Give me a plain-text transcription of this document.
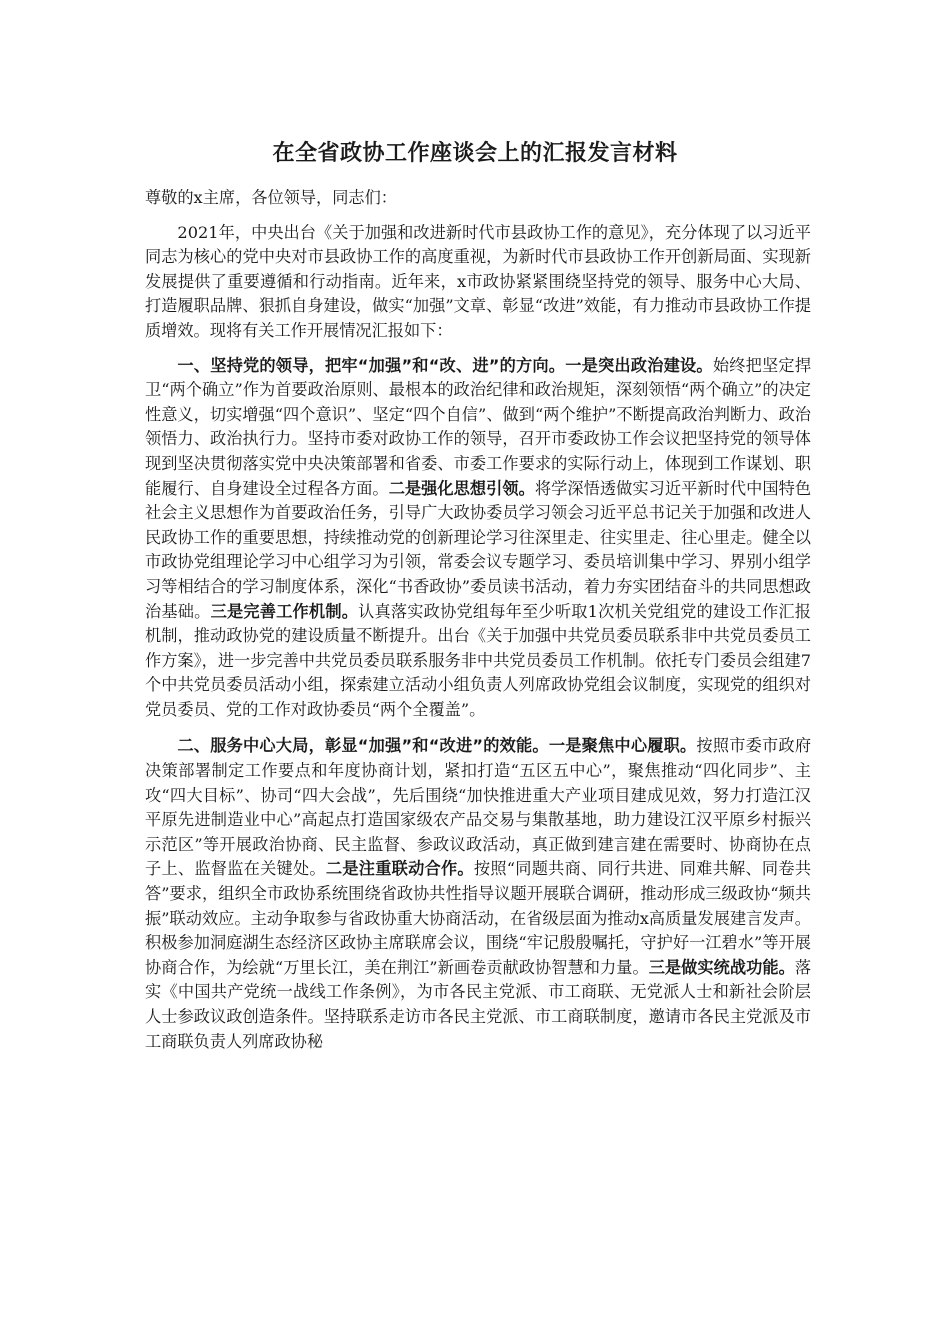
在全省政协工作座谈会上的汇报发言材料

尊敬的x主席，各位领导，同志们：

2021年，中央出台《关于加强和改进新时代市县政协工作的意见》，充分体现了以习近平同志为核心的党中央对市县政协工作的高度重视，为新时代市县政协工作开创新局面、实现新发展提供了重要遵循和行动指南。近年来，x市政协紧紧围绕坚持党的领导、服务中心大局、打造履职品牌、狠抓自身建设，做实“加强”文章、彰显“改进”效能，有力推动市县政协工作提质增效。现将有关工作开展情况汇报如下：

一、坚持党的领导，把牢“加强”和“改、进”的方向。一是突出政治建设。始终把坚定捍卫“两个确立”作为首要政治原则、最根本的政治纪律和政治规矩，深刻领悟“两个确立”的决定性意义，切实增强“四个意识”、坚定“四个自信”、做到“两个维护”不断提高政治判断力、政治领悟力、政治执行力。坚持市委对政协工作的领导，召开市委政协工作会议把坚持党的领导体现到坚决贯彻落实党中央决策部署和省委、市委工作要求的实际行动上，体现到工作谋划、职能履行、自身建设全过程各方面。二是强化思想引领。将学深悟透做实习近平新时代中国特色社会主义思想作为首要政治任务，引导广大政协委员学习领会习近平总书记关于加强和改进人民政协工作的重要思想，持续推动党的创新理论学习往深里走、往实里走、往心里走。健全以市政协党组理论学习中心组学习为引领，常委会议专题学习、委员培训集中学习、界别小组学习等相结合的学习制度体系，深化“书香政协”委员读书活动，着力夯实团结奋斗的共同思想政治基础。三是完善工作机制。认真落实政协党组每年至少听取1次机关党组党的建设工作汇报机制，推动政协党的建设质量不断提升。出台《关于加强中共党员委员联系非中共党员委员工作方案》，进一步完善中共党员委员联系服务非中共党员委员工作机制。依托专门委员会组建7个中共党员委员活动小组，探索建立活动小组负责人列席政协党组会议制度，实现党的组织对党员委员、党的工作对政协委员“两个全覆盖”。

二、服务中心大局，彰显“加强”和“改进”的效能。一是聚焦中心履职。按照市委市政府决策部署制定工作要点和年度协商计划，紧扣打造“五区五中心”，聚焦推动“四化同步”、主攻“四大目标”、协司“四大会战”，先后围绕“加快推进重大产业项目建成见效，努力打造江汉平原先进制造业中心”高起点打造国家级农产品交易与集散基地，助力建设江汉平原乡村振兴示范区”等开展政治协商、民主监督、参政议政活动，真正做到建言建在需要时、协商协在点子上、监督监在关键处。二是注重联动合作。按照“同题共商、同行共进、同难共解、同卷共答”要求，组织全市政协系统围绕省政协共性指导议题开展联合调研，推动形成三级政协“频共振”联动效应。主动争取参与省政协重大协商活动，在省级层面为推动x高质量发展建言发声。积极参加洞庭湖生态经济区政协主席联席会议，围绕“牢记殷殷嘱托，守护好一江碧水”等开展协商合作，为绘就“万里长江，美在荆江”新画卷贡献政协智慧和力量。三是做实统战功能。落实《中国共产党统一战线工作条例》，为市各民主党派、市工商联、无党派人士和新社会阶层人士参政议政创造条件。坚持联系走访市各民主党派、市工商联制度，邀请市各民主党派及市工商联负责人列席政协秘
